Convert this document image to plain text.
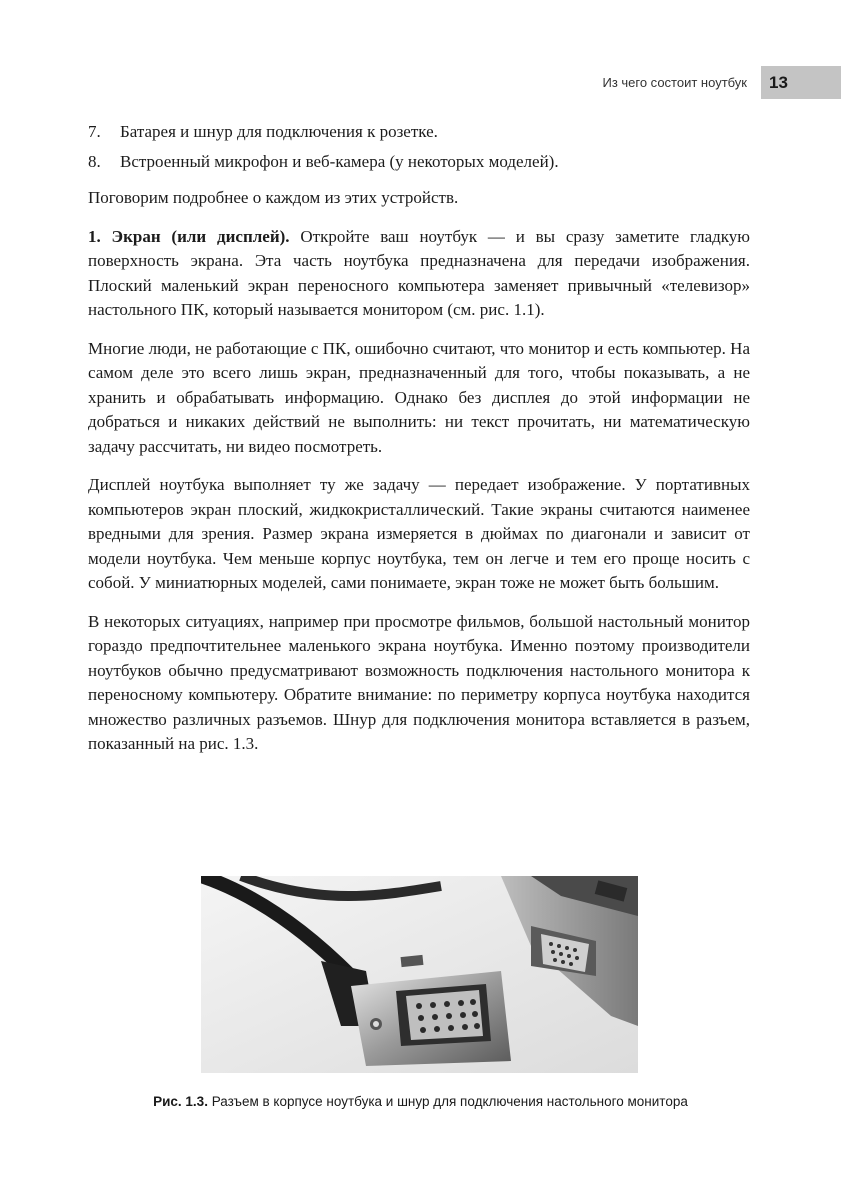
Из чего состоит ноутбук	13
7.	Батарея и шнур для подключения к розетке.
8.	Встроенный микрофон и веб-камера (у некоторых моделей).

Поговорим подробнее о каждом из этих устройств.

1. Экран (или дисплей). Откройте ваш ноутбук — и вы сразу заметите гладкую поверхность экрана. Эта часть ноутбука предназначена для передачи изображения. Плоский маленький экран переносного компьютера заменяет привычный «телевизор» настольного ПК, который называется монитором (см. рис. 1.1).

Многие люди, не работающие с ПК, ошибочно считают, что монитор и есть компьютер. На самом деле это всего лишь экран, предназначенный для того, чтобы показывать, а не хранить и обрабатывать информацию. Однако без дисплея до этой информации не добраться и никаких действий не выполнить: ни текст прочитать, ни математическую задачу рассчитать, ни видео посмотреть.

Дисплей ноутбука выполняет ту же задачу — передает изображение. У портативных компьютеров экран плоский, жидкокристаллический. Такие экраны считаются наименее вредными для зрения. Размер экрана измеряется в дюймах по диагонали и зависит от модели ноутбука. Чем меньше корпус ноутбука, тем он легче и тем его проще носить с собой. У миниатюрных моделей, сами понимаете, экран тоже не может быть большим.

В некоторых ситуациях, например при просмотре фильмов, большой настольный монитор гораздо предпочтительнее маленького экрана ноутбука. Именно поэтому производители ноутбуков обычно предусматривают возможность подключения настольного монитора к переносному компьютеру. Обратите внимание: по периметру корпуса ноутбука находится множество различных разъемов. Шнур для подключения монитора вставляется в разъем, показанный на рис. 1.3.

Рис. 1.3. Разъем в корпусе ноутбука и шнур для подключения настольного монитора
